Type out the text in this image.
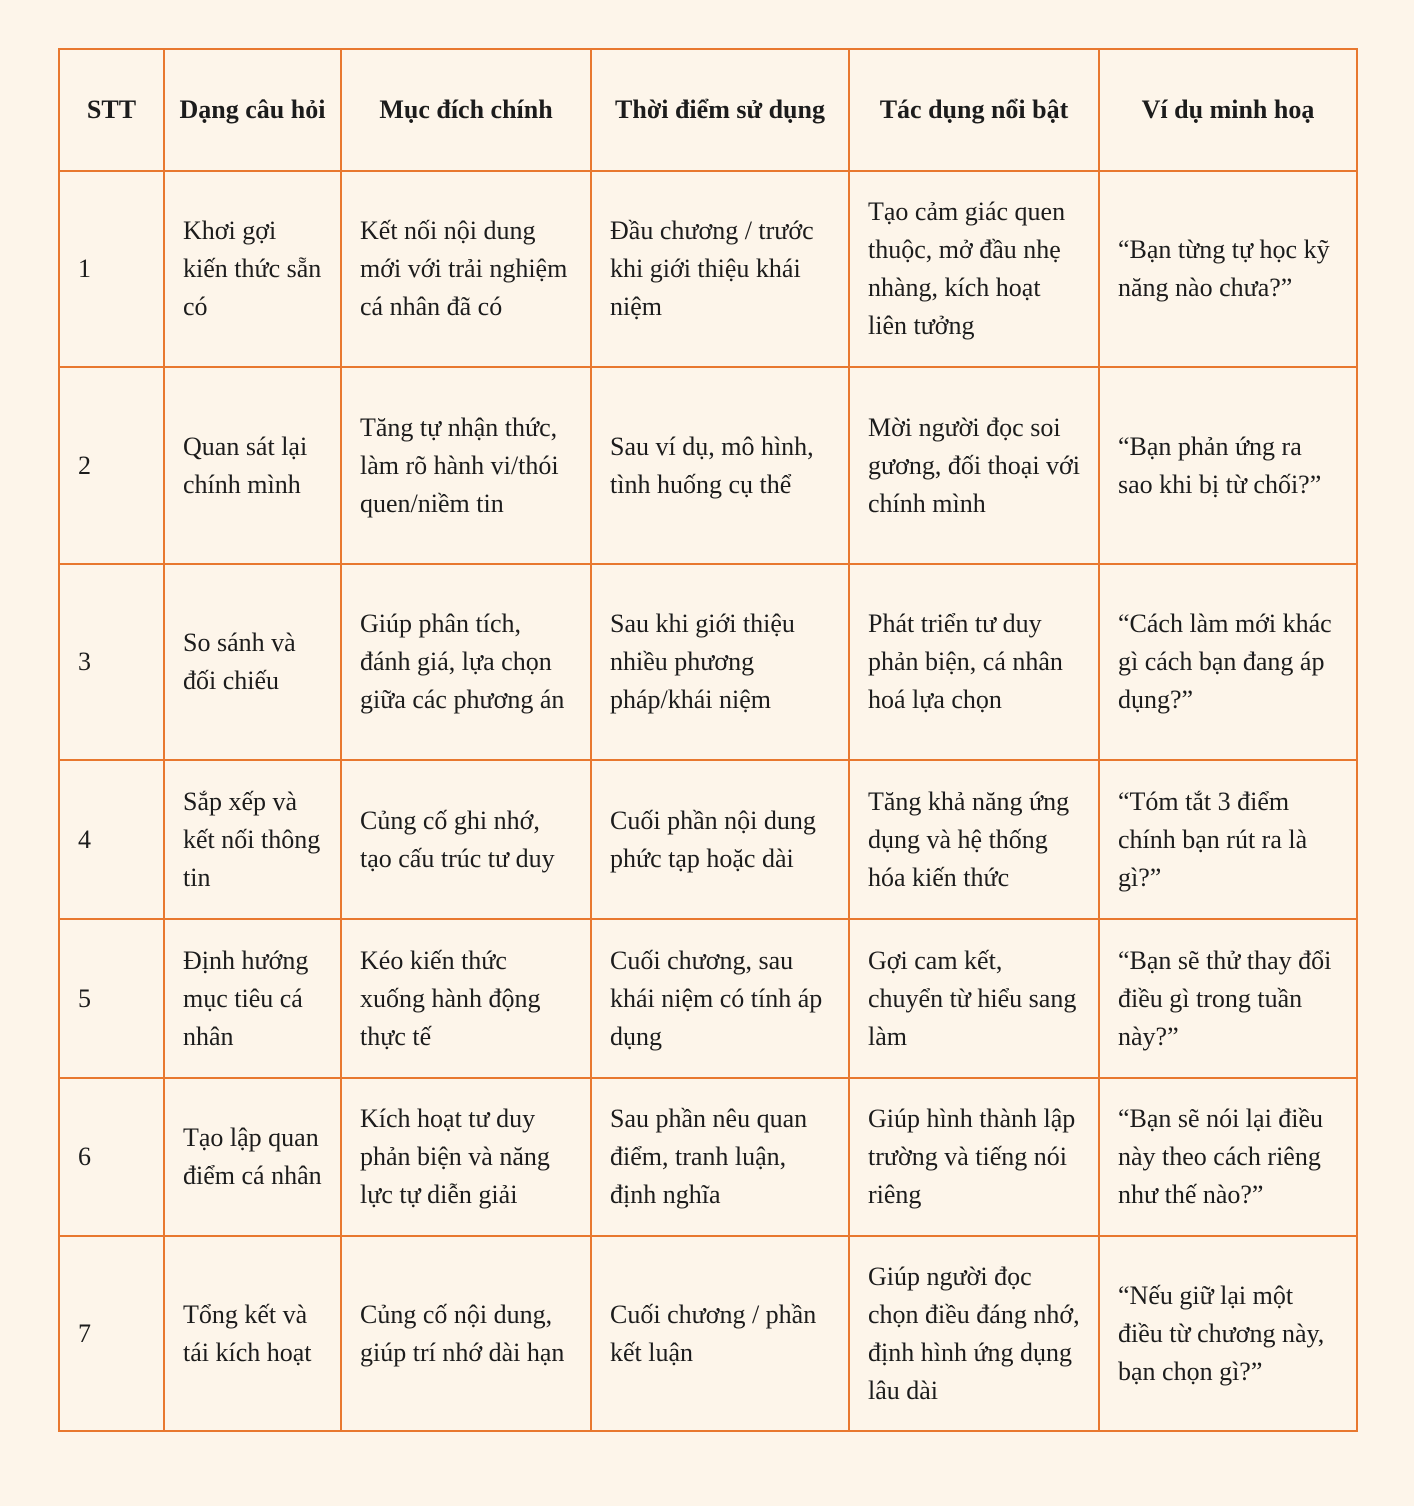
STT	Dạng câu hỏi	Mục đích chính	Thời điểm sử dụng	Tác dụng nổi bật	Ví dụ minh hoạ
1	Khơi gợi kiến thức sẵn có	Kết nối nội dung mới với trải nghiệm cá nhân đã có	Đầu chương / trước khi giới thiệu khái niệm	Tạo cảm giác quen thuộc, mở đầu nhẹ nhàng, kích hoạt liên tưởng	“Bạn từng tự học kỹ năng nào chưa?”
2	Quan sát lại chính mình	Tăng tự nhận thức, làm rõ hành vi/thói quen/niềm tin	Sau ví dụ, mô hình, tình huống cụ thể	Mời người đọc soi gương, đối thoại với chính mình	“Bạn phản ứng ra sao khi bị từ chối?”
3	So sánh và đối chiếu	Giúp phân tích, đánh giá, lựa chọn giữa các phương án	Sau khi giới thiệu nhiều phương pháp/khái niệm	Phát triển tư duy phản biện, cá nhân hoá lựa chọn	“Cách làm mới khác gì cách bạn đang áp dụng?”
4	Sắp xếp và kết nối thông tin	Củng cố ghi nhớ, tạo cấu trúc tư duy	Cuối phần nội dung phức tạp hoặc dài	Tăng khả năng ứng dụng và hệ thống hóa kiến thức	“Tóm tắt 3 điểm chính bạn rút ra là gì?”
5	Định hướng mục tiêu cá nhân	Kéo kiến thức xuống hành động thực tế	Cuối chương, sau khái niệm có tính áp dụng	Gợi cam kết, chuyển từ hiểu sang làm	“Bạn sẽ thử thay đổi điều gì trong tuần này?”
6	Tạo lập quan điểm cá nhân	Kích hoạt tư duy phản biện và năng lực tự diễn giải	Sau phần nêu quan điểm, tranh luận, định nghĩa	Giúp hình thành lập trường và tiếng nói riêng	“Bạn sẽ nói lại điều này theo cách riêng như thế nào?”
7	Tổng kết và tái kích hoạt	Củng cố nội dung, giúp trí nhớ dài hạn	Cuối chương / phần kết luận	Giúp người đọc chọn điều đáng nhớ, định hình ứng dụng lâu dài	“Nếu giữ lại một điều từ chương này, bạn chọn gì?”
